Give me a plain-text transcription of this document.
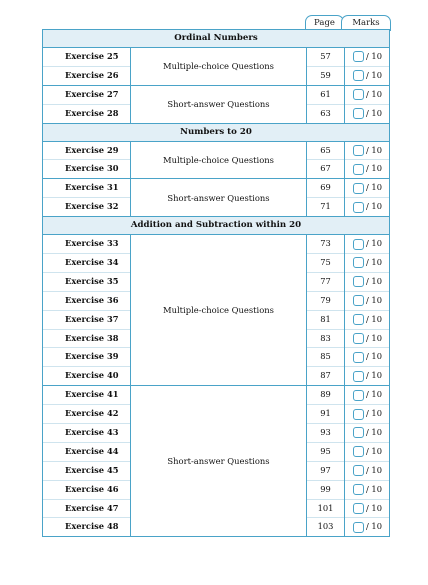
Page	Marks
Ordinal Numbers
Exercise 25
Exercise 26
Multiple-choice Questions
57
59
/ 10
/ 10
Exercise 27
Exercise 28
Short-answer Questions
61
63
/ 10
/ 10
Numbers to 20
Exercise 29
Exercise 30
Multiple-choice Questions
65
67
/ 10
/ 10
Exercise 31
Exercise 32
Short-answer Questions
69
71
/ 10
/ 10
Addition and Subtraction within 20
Exercise 33
Exercise 34
Exercise 35
Exercise 36
Exercise 37
Exercise 38
Exercise 39
Exercise 40
Multiple-choice Questions
73
75
77
79
81
83
85
87
/ 10
/ 10
/ 10
/ 10
/ 10
/ 10
/ 10
/ 10
Exercise 41
Exercise 42
Exercise 43
Exercise 44
Exercise 45
Exercise 46
Exercise 47
Exercise 48
Short-answer Questions
89
91
93
95
97
99
101
103
/ 10
/ 10
/ 10
/ 10
/ 10
/ 10
/ 10
/ 10
